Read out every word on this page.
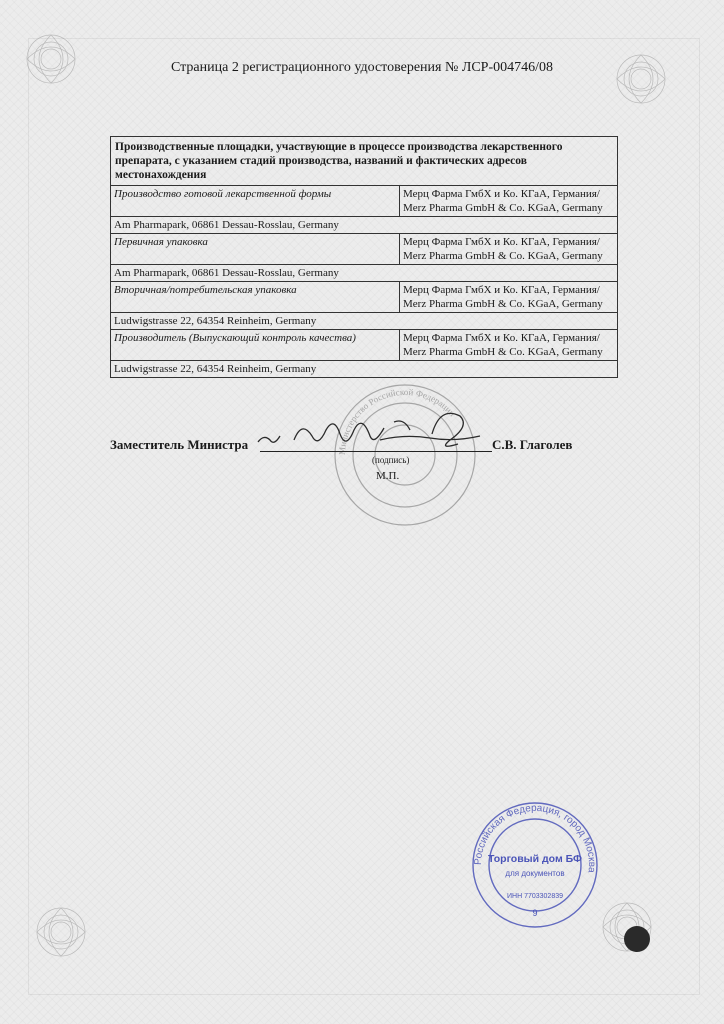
Страница 2 регистрационного удостоверения № ЛСР-004746/08
Производственные площадки, участвующие в процессе производства лекарственного препарата, с указанием стадий производства, названий и фактических адресов местонахождения	
Производство готовой лекарственной формы	Мерц Фарма ГмбХ и Ко. КГаА, Германия/ Merz Pharma GmbH & Co. KGaA, Germany
Am Pharmapark, 06861 Dessau-Rosslau, Germany	
Первичная упаковка	Мерц Фарма ГмбХ и Ко. КГаА, Германия/ Merz Pharma GmbH & Co. KGaA, Germany
Am Pharmapark, 06861 Dessau-Rosslau, Germany	
Вторичная/потребительская упаковка	Мерц Фарма ГмбХ и Ко. КГаА, Германия/ Merz Pharma GmbH & Co. KGaA, Germany
Ludwigstrasse 22, 64354 Reinheim, Germany	
Производитель (Выпускающий контроль качества)	Мерц Фарма ГмбХ и Ко. КГаА, Германия/ Merz Pharma GmbH & Co. KGaA, Germany
Ludwigstrasse 22, 64354 Reinheim, Germany	
Министерство Российской Федерации
Заместитель Министра	С.В. Глаголев
(подпись)
М.П.
Российская Федерация, город Москва
Торговый дом БФ
для документов
ИНН 7703302839
9
